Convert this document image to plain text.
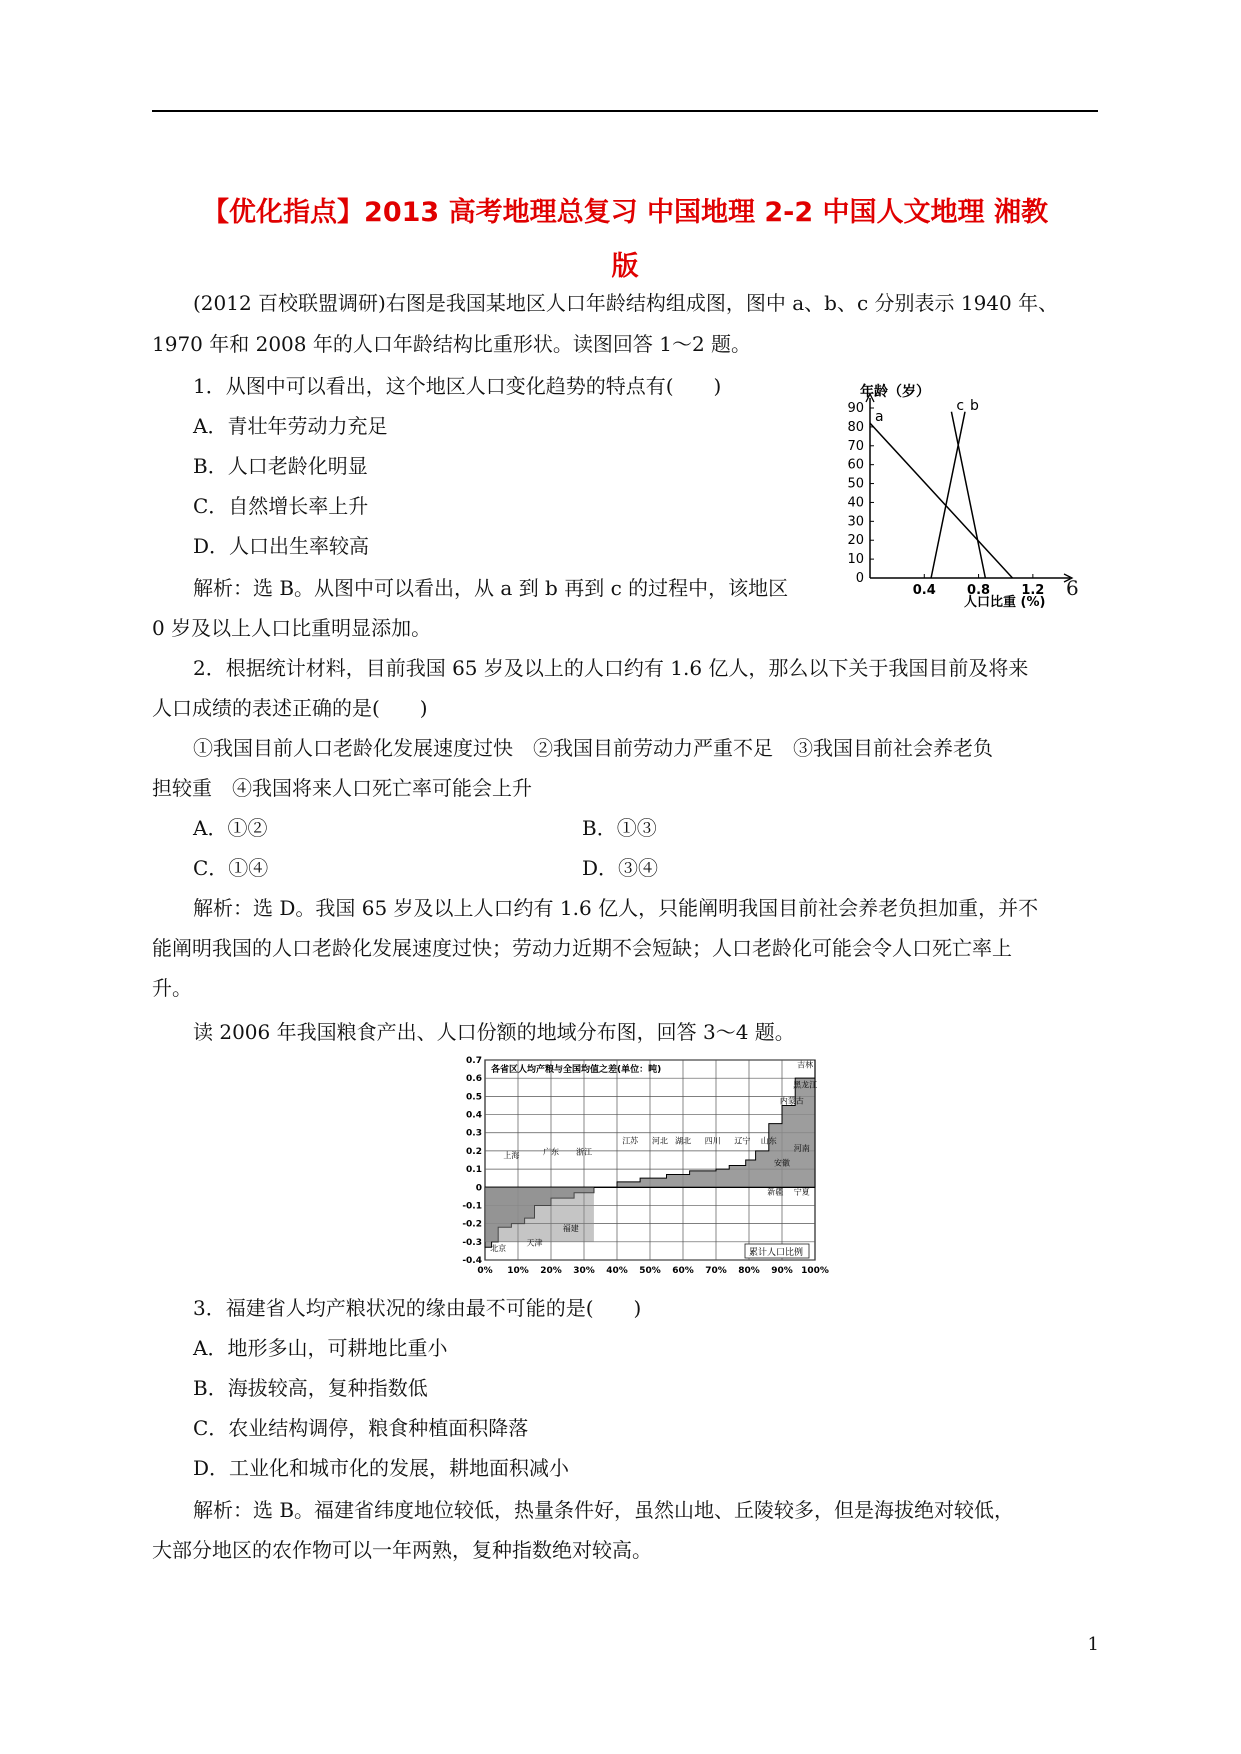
【优化指点】2013 高考地理总复习 中国地理 2-2 中国人文地理 湘教
版
(2012 百校联盟调研)右图是我国某地区人口年龄结构组成图，图中 a、b、c 分别表示 1940 年、
1970 年和 2008 年的人口年龄结构比重形状。读图回答 1～2 题。
1．从图中可以看出，这个地区人口变化趋势的特点有(　　)
A．青壮年劳动力充足
B．人口老龄化明显
C．自然增长率上升
D．人口出生率较高
解析：选 B。从图中可以看出，从 a 到 b 再到 c 的过程中，该地区	6
0 岁及以上人口比重明显添加。
0
10
20
30
40
50
60
70
80
90
0.4 0.8 1.2
a
b
c
年龄（岁）
人口比重 (%)
2．根据统计材料，目前我国 65 岁及以上的人口约有 1.6 亿人，那么以下关于我国目前及将来
人口成绩的表述正确的是(　　)
①我国目前人口老龄化发展速度过快　②我国目前劳动力严重不足　③我国目前社会养老负
担较重　④我国将来人口死亡率可能会上升
A．①②	B．①③
C．①④	D．③④
解析：选 D。我国 65 岁及以上人口约有 1.6 亿人，只能阐明我国目前社会养老负担加重，并不
能阐明我国的人口老龄化发展速度过快；劳动力近期不会短缺；人口老龄化可能会令人口死亡率上
升。
读 2006 年我国粮食产出、人口份额的地域分布图，回答 3～4 题。
0.7
0.6
0.5
0.4
0.3
0.2
0.1
0
-0.1
-0.2
-0.3
-0.4
0% 10% 20% 30% 40% 50% 60% 70% 80% 90% 100%
上海	广东 浙江
福建
江苏 河北 湖北 四川 辽宁 山东
安徽
河南
新疆 宁夏
吉林
黑龙江
内蒙古
北京
天津
各省区人均产粮与全国均值之差(单位：吨)
累计人口比例
3．福建省人均产粮状况的缘由最不可能的是(　　)
A．地形多山，可耕地比重小
B．海拔较高，复种指数低
C．农业结构调停，粮食种植面积降落
D．工业化和城市化的发展，耕地面积减小
解析：选 B。福建省纬度地位较低，热量条件好，虽然山地、丘陵较多，但是海拔绝对较低，
大部分地区的农作物可以一年两熟，复种指数绝对较高。
1
